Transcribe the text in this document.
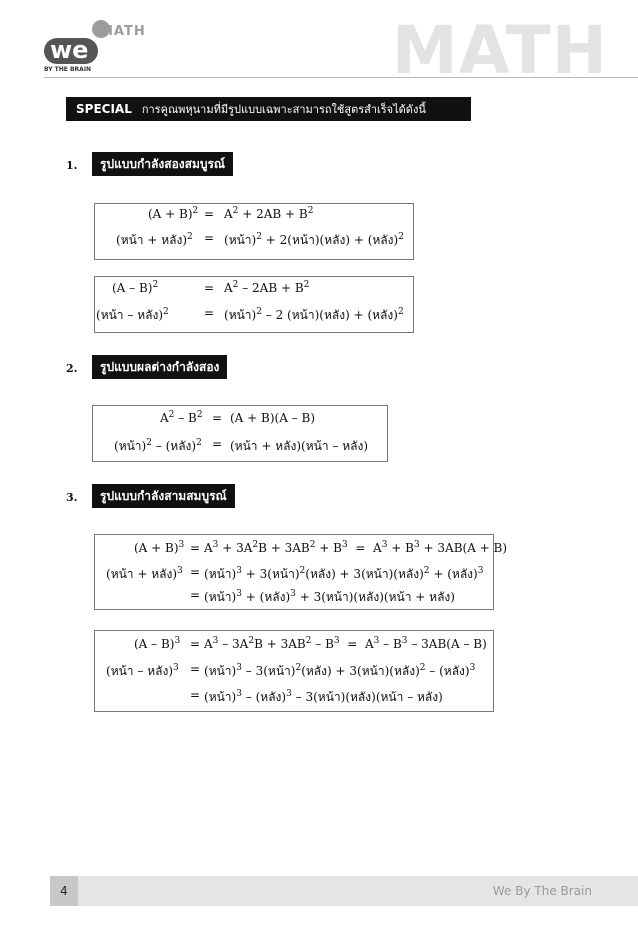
we
MATH
BY THE BRAIN	MATH
SPECIAL การคูณพหุนามที่มีรูปแบบเฉพาะสามารถใช้สูตรสำเร็จได้ดังนี้
1.	รูปแบบกำลังสองสมบูรณ์
$(A + B)^2 = A^2 + 2AB + B^2$
(หน้า + หลัง)$^2$ = (หน้า)$^2$ + 2(หน้า)(หลัง) + (หลัง)$^2$
(A – B)$^2$	= $A^2 - 2AB + B^2$
(หน้า – หลัง)$^2$	= (หน้า)$^2$ – 2 (หน้า)(หลัง) + (หลัง)$^2$
2.	รูปแบบผลต่างกำลังสอง
$A^2 - B^2 = (A + B)(A - B)$
(หน้า)$^2$ – (หลัง)$^2$ = (หน้า + หลัง)(หน้า – หลัง)
3.	รูปแบบกำลังสามสมบูรณ์
$(A + B)^3 = A^3 + 3A^2B + 3AB^2 + B^3 = A^3 + B^3 + 3AB(A + B)$
(หน้า + หลัง)$^3$ = (หน้า)$^3$ + 3(หน้า)$^2$(หลัง) + 3(หน้า)(หลัง)$^2$ + (หลัง)$^3$
= (หน้า)$^3$ + (หลัง)$^3$ + 3(หน้า)(หลัง)(หน้า + หลัง)
$(A - B)^3 = A^3 - 3A^2B + 3AB^2 - B^3 = A^3 - B^3 - 3AB(A - B)$
(หน้า – หลัง)$^3$ = (หน้า)$^3$ – 3(หน้า)$^2$(หลัง) + 3(หน้า)(หลัง)$^2$ – (หลัง)$^3$
= (หน้า)$^3$ – (หลัง)$^3$ – 3(หน้า)(หลัง)(หน้า – หลัง)
4	We By The Brain
